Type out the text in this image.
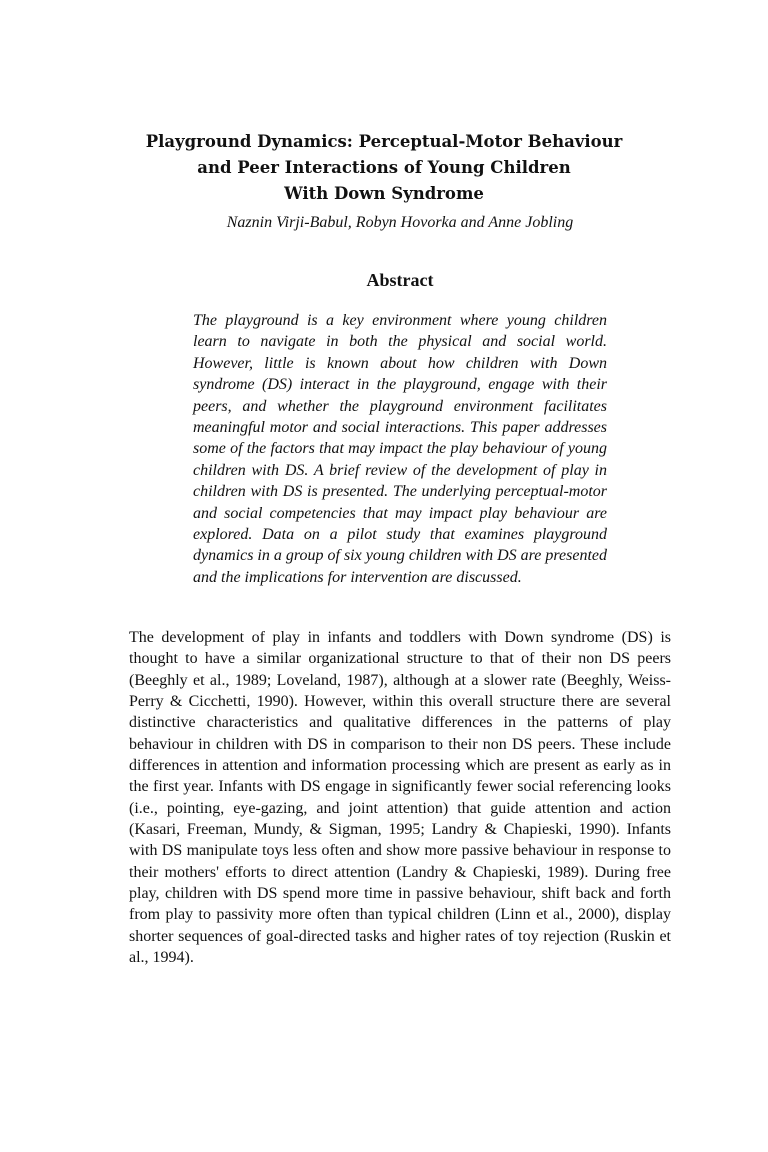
Playground Dynamics: Perceptual-Motor Behaviour
and Peer Interactions of Young Children
With Down Syndrome

Naznin Virji-Babul, Robyn Hovorka and Anne Jobling

Abstract

The playground is a key environment where young children learn to navigate in both the physical and social world. However, little is known about how children with Down syndrome (DS) interact in the playground, engage with their peers, and whether the playground environment facilitates meaningful motor and social interactions. This paper addresses some of the factors that may impact the play behaviour of young children with DS. A brief review of the development of play in children with DS is presented. The underlying perceptual-motor and social competencies that may impact play behaviour are explored. Data on a pilot study that examines playground dynamics in a group of six young children with DS are presented and the implications for intervention are discussed.

The development of play in infants and toddlers with Down syndrome (DS) is thought to have a similar organizational structure to that of their non DS peers (Beeghly et al., 1989; Loveland, 1987), although at a slower rate (Beeghly, Weiss-Perry & Cicchetti, 1990). However, within this overall structure there are several distinctive characteristics and qualitative differences in the patterns of play behaviour in children with DS in comparison to their non DS peers. These include differences in attention and information processing which are present as early as in the first year. Infants with DS engage in significantly fewer social referencing looks (i.e., pointing, eye-gazing, and joint attention) that guide attention and action (Kasari, Freeman, Mundy, & Sigman, 1995; Landry & Chapieski, 1990). Infants with DS manipulate toys less often and show more passive behaviour in response to their mothers' efforts to direct attention (Landry & Chapieski, 1989). During free play, children with DS spend more time in passive behaviour, shift back and forth from play to passivity more often than typical children (Linn et al., 2000), display shorter sequences of goal-directed tasks and higher rates of toy rejection (Ruskin et al., 1994).
